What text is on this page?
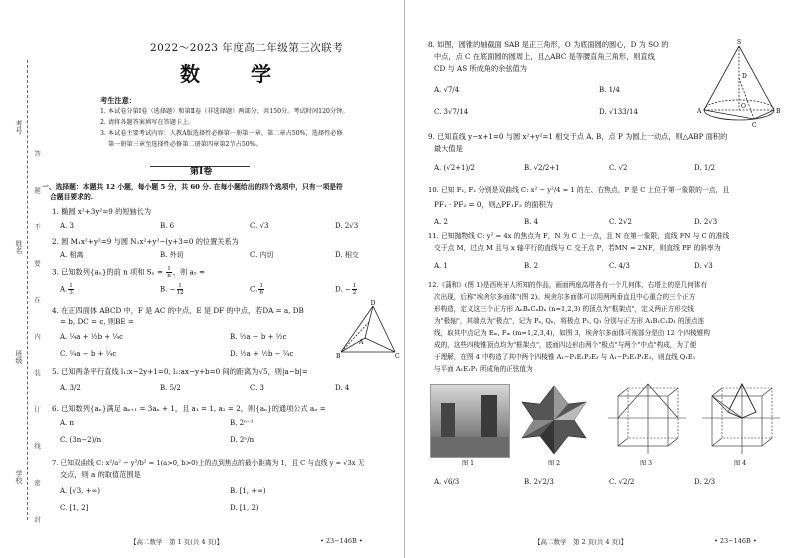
考号
姓名
班级
学校 答 题 不 要 在 内 装 订 线 密 封
2022～2023 年度高二年级第三次联考
数 学
考生注意：
1. 本试卷分第Ⅰ卷（选择题）和第Ⅱ卷（非选择题）两部分，共150分。考试时间120分钟。
2. 请将各题答案填写在答题卡上。
3. 本试卷主要考试内容：人教A版选择性必修第一册第一章，第二章占50%，选择性必修
第一册第三章至选择性必修第二册第四章第2节占50%。
第Ⅰ卷
一、选择题：本题共 12 小题，每小题 5 分，共 60 分. 在每小题给出的四个选项中，只有一项是符
合题目要求的.
1. 椭圆 x²+3y²=9 的短轴长为
A. 3	B. 6	C. √3	D. 2√3
2. 圆 M₁x²+y²=9 与圆 N₁x²+y²−(y+3=0 的位置关系为
A. 相离	B. 外切	C. 内切	D. 相交
3. 已知数列{aₙ}的前 n 项和 $S_n = \frac{1}{n}$ ，则 a₅ =
A. $\frac{1}{3}$	B. − $\frac{1}{12}$	C. $\frac{1}{6}$	D. − $\frac{1}{2}$
4. 在正四面体 ABCD 中，F 是 AC 的中点，E 是 DF 的中点，若DA = a, DB
= b, DC = c, 则BE =
A. ¼a + ½b + ¼c	B. ½a − b + ½c
C. ¼a − b + ¼c	D. ½a + ½b − ¼c
D
B	C
A
5. 已知两条平行直线 l₁:x−2y+1=0, l₂:ax−y+b=0 间的距离为√5，则|a−b|=
A. 3/2	B. 5/2	C. 3	D. 4
6. 已知数列{aₙ}满足 aₙ₊₁ = 3aₙ + 1，且 a₁ = 1, a₂ = 2，则{aₙ}的通项公式 aₙ =
A. n	B. 2ⁿ⁻¹
C. (3n−2)/n	D. 2ⁿ/n
7. 已知双曲线 C: x²/a² − y²/b² = 1(a>0, b>0)上的点到焦点的最小距离为 1，且 C 与直线 y = √3x 无
交点，则 a 的取值范围是
A. [√3, +∞)	B. [1, +∞)
C. [1, 2]	D. [1, 2)
【高二数学　第 1 页(共 4 页)】	• 23−146B •
8. 如图，圆锥的轴截面 SAB 是正三角形，O 为底面圆的圆心，D 为 SO 的
中点，点 C 在底面圆的圆周上，且△ABC 是等腰直角三角形，则直线
CD 与 AS 所成角的余弦值为
A. √7/4	B. 1/4
C. 3√7/14	D. √133/14
S
A	B
C
O
D
9. 已知直线 y−x+1=0 与圆 x²+y²=1 相交于点 A, B，点 P 为圆上一动点，则△ABP 面积的
最大值是
A. (√2+1)/2	B. √2/2+1	C. √2	D. 1/2
10. 已知 F₁, F₂ 分别是双曲线 C: x² − y²/4 = 1 的左、右焦点，P 是 C 上位于第一象限的一点，且
PF₁ · PF₂ = 0，则△PF₁F₂ 的面积为
A. 2	B. 4	C. 2√2	D. 2√3
11. 已知抛物线 C: y² = 4x 的焦点为 F，N 为 C 上一点，且 N 在第一象限，直线 FN 与 C 的准线
交于点 M，过点 M 且与 x 轴平行的直线与 C 交于点 P，若MN = 2NF，则直线 PF 的斜率为
A. 1	B. 2	C. 4/3	D. √3
12.《蒲和》(图 1)是西班牙人所知的作品，画面两座高塔各有一个几何体，右塔上的是几何体有
次出现，后称"埃舍尔多面体"(图 2)。埃舍尔多面体可以用两两垂直且中心重合的三个正方
形构造，定义这三个正方形 AₙBₙCₙDₙ (n=1,2,3) 的顶点为"框架点"，定义两正方形交线
为"极轴"，其端点为"极点"，记为 Pₙ, Qₙ，将极点 P₁, Q₁ 分别与正方形 A₁B₁C₁D₁ 的顶点连
线，取其中点记为 Eₘ, Fₘ (m=1,2,3,4)，如图 3，埃舍尔多面体可视部分是由 12 个四棱锥构
成的，这些四棱锥顶点均为"框架点"，底面四边形由两个"极点"与两个"中点"构成，为了便
于理解，在图 4 中构造了其中两个四棱锥 A₁−P₁E₁P₂E₂ 与 A₁−P₂E₁P₁E₂，则直线 Q₁E₁
与平面 A₁E₁P₁ 所成角的正弦值为
图 1	图 2	图 3	图 4
A. √6/3	B. 2√2/3	C. √2/2	D. 2/3
【高二数学　第 2 页(共 4 页)】	• 23−146B •
